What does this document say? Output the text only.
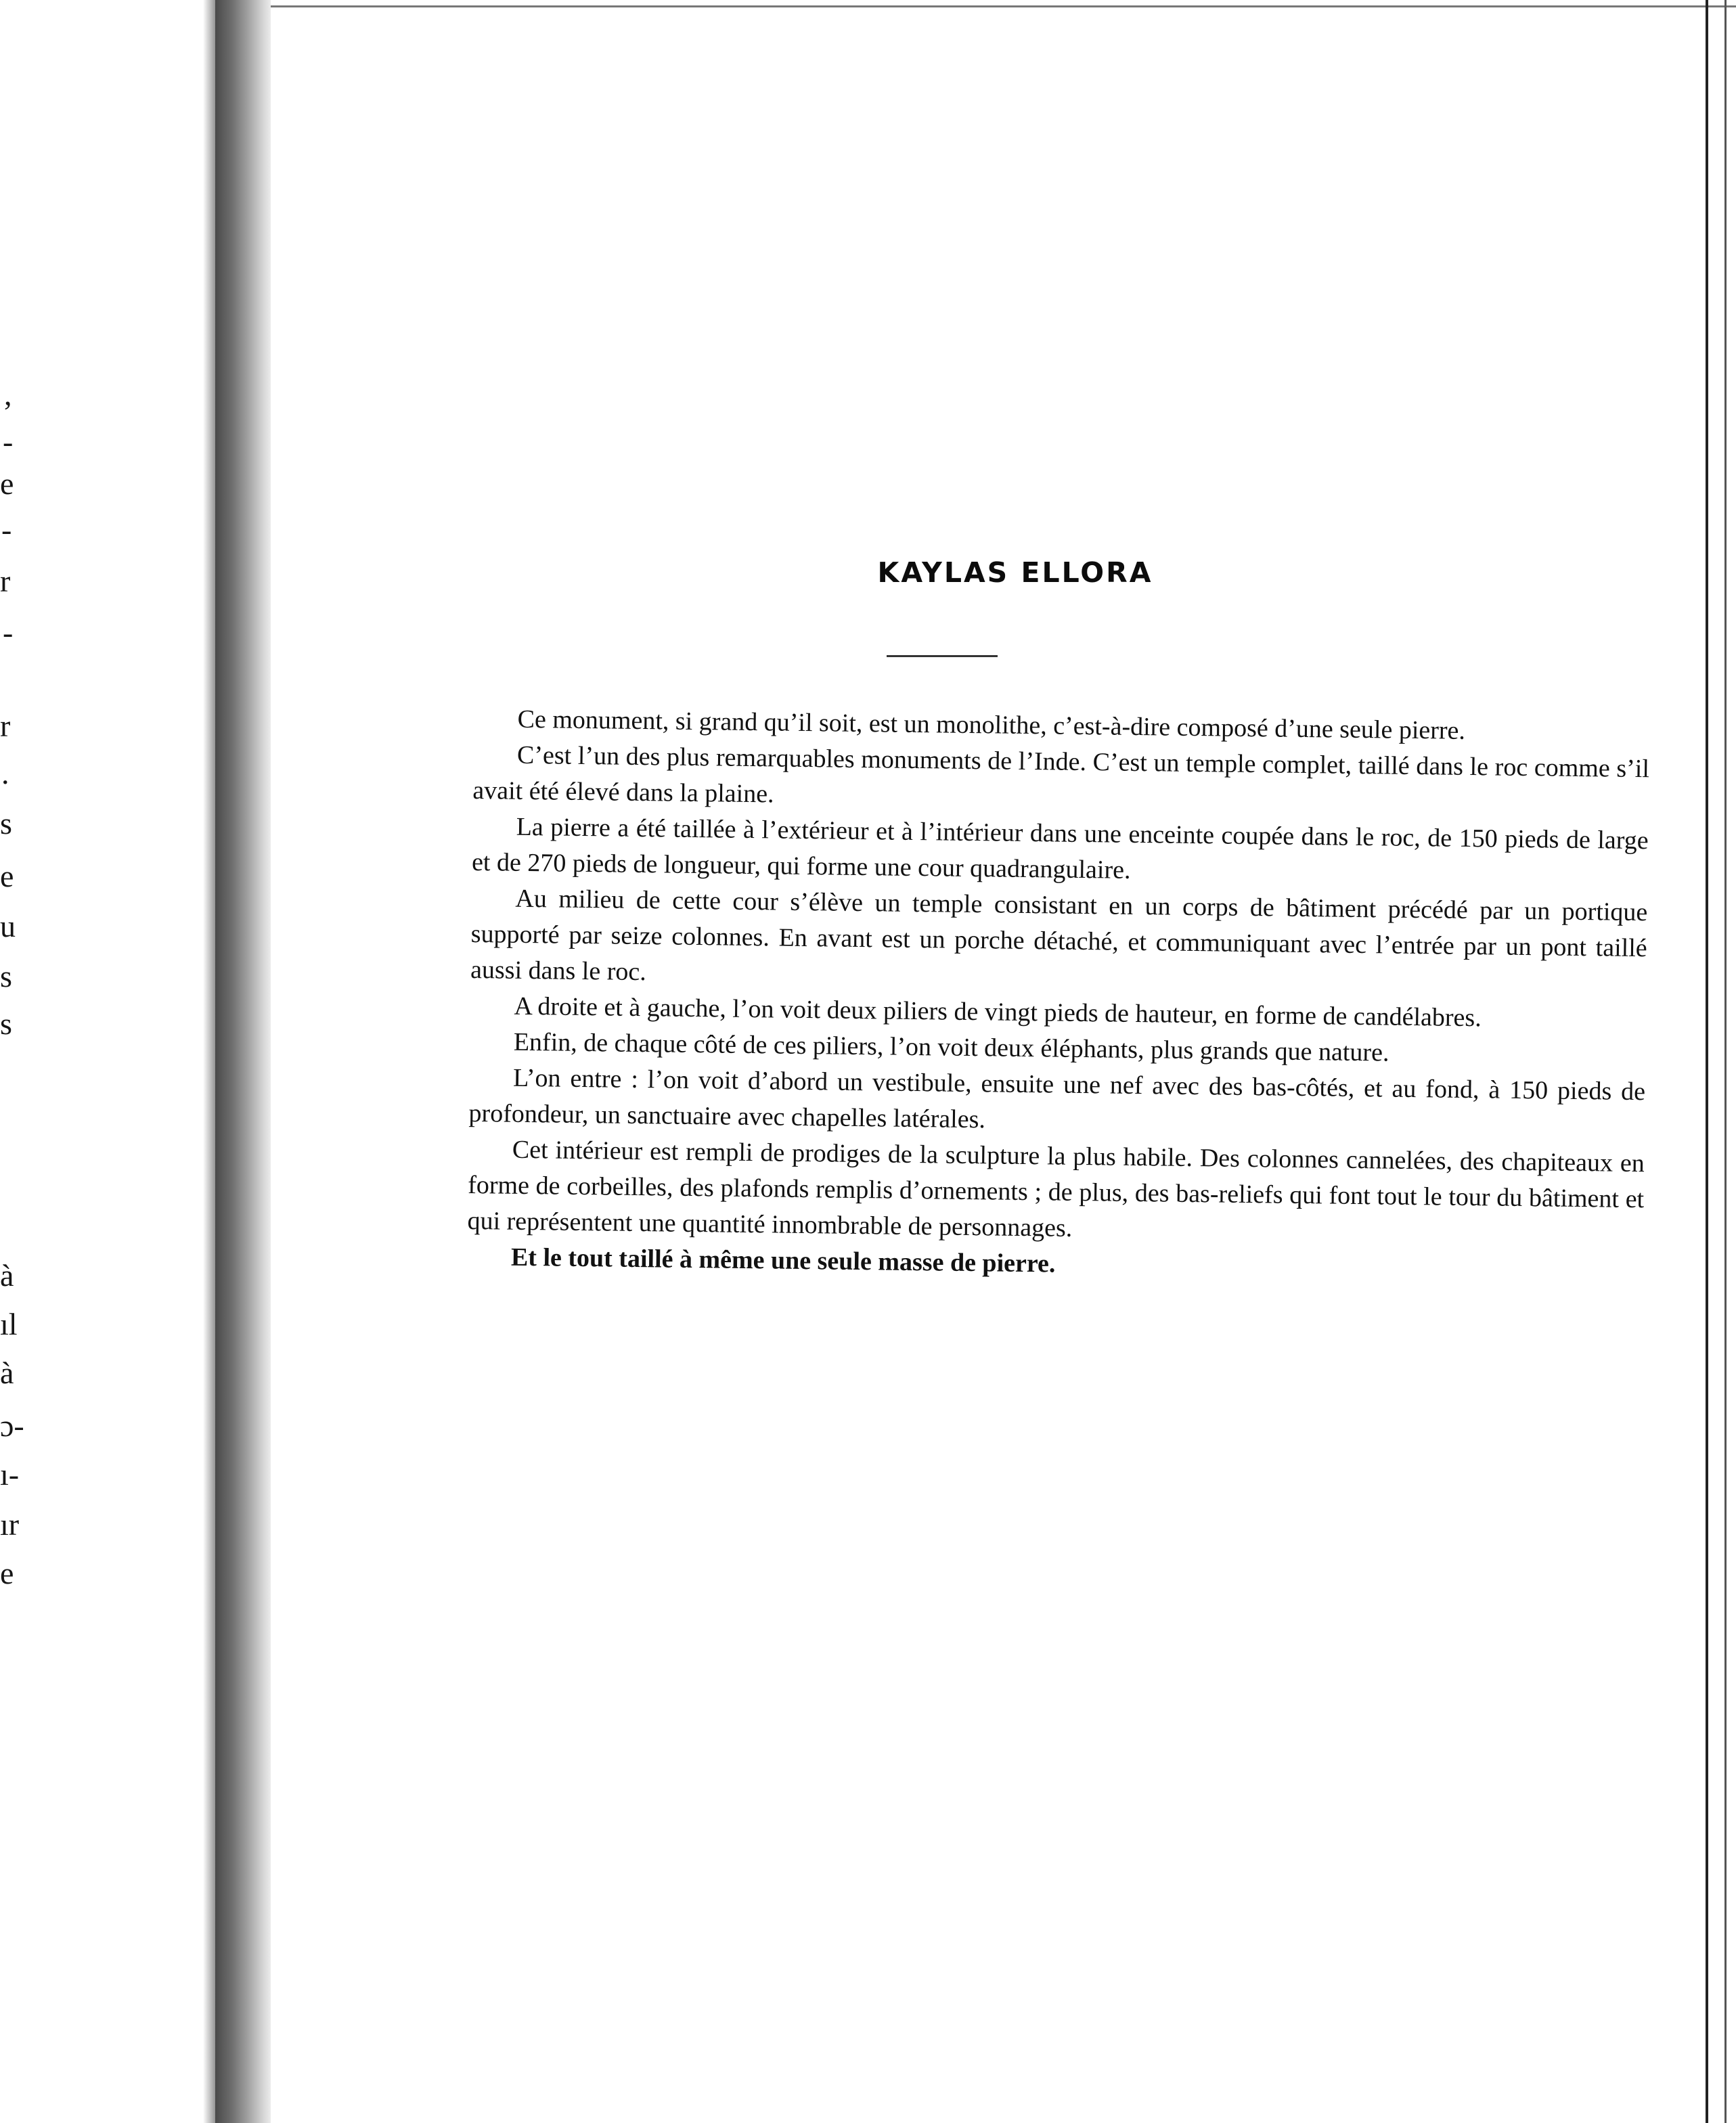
,
-
e
-
r
-
r
.
s
e
u
s
s
à
ıl
à
ɔ-
ı-
ır
e
KAYLAS ELLORA

Ce monument, si grand qu’il soit, est un monolithe, c’est-à-dire composé d’une seule pierre.

C’est l’un des plus remarquables monuments de l’Inde. C’est un temple complet, taillé dans le roc comme s’il avait été élevé dans la plaine.

La pierre a été taillée à l’extérieur et à l’intérieur dans une enceinte coupée dans le roc, de 150 pieds de large et de 270 pieds de longueur, qui forme une cour quadrangulaire.

Au milieu de cette cour s’élève un temple consistant en un corps de bâtiment précédé par un portique supporté par seize colonnes. En avant est un porche détaché, et communiquant avec l’entrée par un pont taillé aussi dans le roc.

A droite et à gauche, l’on voit deux piliers de vingt pieds de hauteur, en forme de candélabres.

Enfin, de chaque côté de ces piliers, l’on voit deux éléphants, plus grands que nature.

L’on entre : l’on voit d’abord un vestibule, ensuite une nef avec des bas-côtés, et au fond, à 150 pieds de profondeur, un sanctuaire avec chapelles latérales.

Cet intérieur est rempli de prodiges de la sculpture la plus habile. Des colonnes cannelées, des chapiteaux en forme de corbeilles, des plafonds remplis d’ornements ; de plus, des bas-reliefs qui font tout le tour du bâtiment et qui représentent une quantité innombrable de personnages.

Et le tout taillé à même une seule masse de pierre.
